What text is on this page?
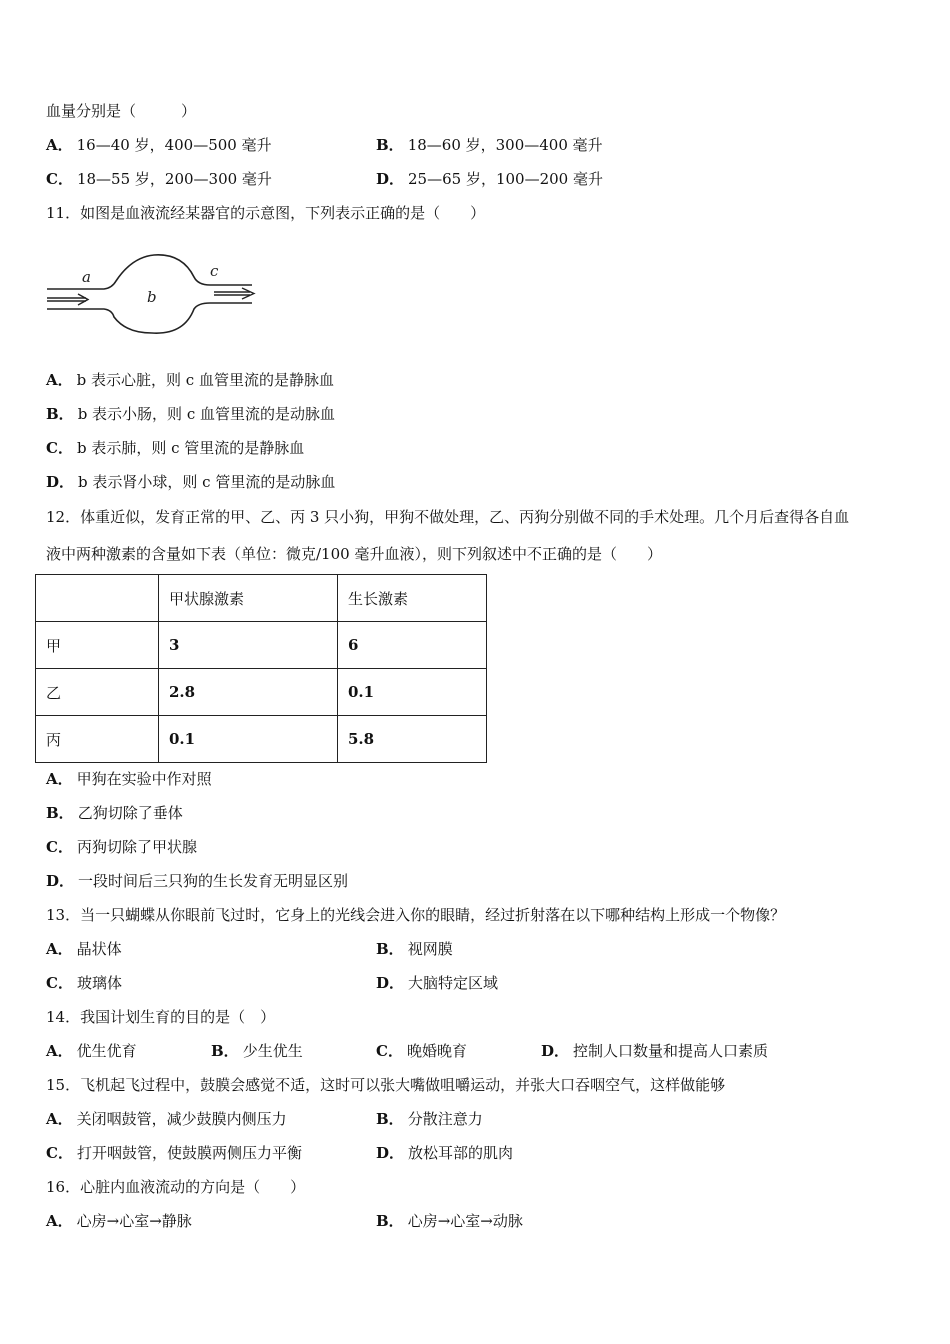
血量分别是（　　　）
A． 16—40 岁，400—500 毫升	B． 18—60 岁，300—400 毫升
C． 18—55 岁，200—300 毫升	D． 25—65 岁，100—200 毫升
11．如图是血液流经某器官的示意图，下列表示正确的是（　　）
a
b
c
A． b 表示心脏，则 c 血管里流的是静脉血
B． b 表示小肠，则 c 血管里流的是动脉血
C． b 表示肺，则 c 管里流的是静脉血
D． b 表示肾小球，则 c 管里流的是动脉血
12．体重近似，发育正常的甲、乙、丙 3 只小狗，甲狗不做处理，乙、丙狗分别做不同的手术处理。几个月后查得各自血
液中两种激素的含量如下表（单位：微克/100 毫升血液），则下列叙述中不正确的是（　　）
	甲状腺激素	生长激素
甲	3	6
乙	2.8	0.1
丙	0.1	5.8
A． 甲狗在实验中作对照
B． 乙狗切除了垂体
C． 丙狗切除了甲状腺
D． 一段时间后三只狗的生长发育无明显区别
13．当一只蝴蝶从你眼前飞过时，它身上的光线会进入你的眼睛，经过折射落在以下哪种结构上形成一个物像？
A． 晶状体	B． 视网膜
C． 玻璃体	D． 大脑特定区域
14．我国计划生育的目的是（　）
A． 优生优育	B． 少生优生	C． 晚婚晚育	D． 控制人口数量和提高人口素质
15．飞机起飞过程中，鼓膜会感觉不适，这时可以张大嘴做咀嚼运动，并张大口吞咽空气，这样做能够
A． 关闭咽鼓管，减少鼓膜内侧压力	B． 分散注意力
C． 打开咽鼓管，使鼓膜两侧压力平衡	D． 放松耳部的肌肉
16．心脏内血液流动的方向是（　　）
A． 心房→心室→静脉	B． 心房→心室→动脉
